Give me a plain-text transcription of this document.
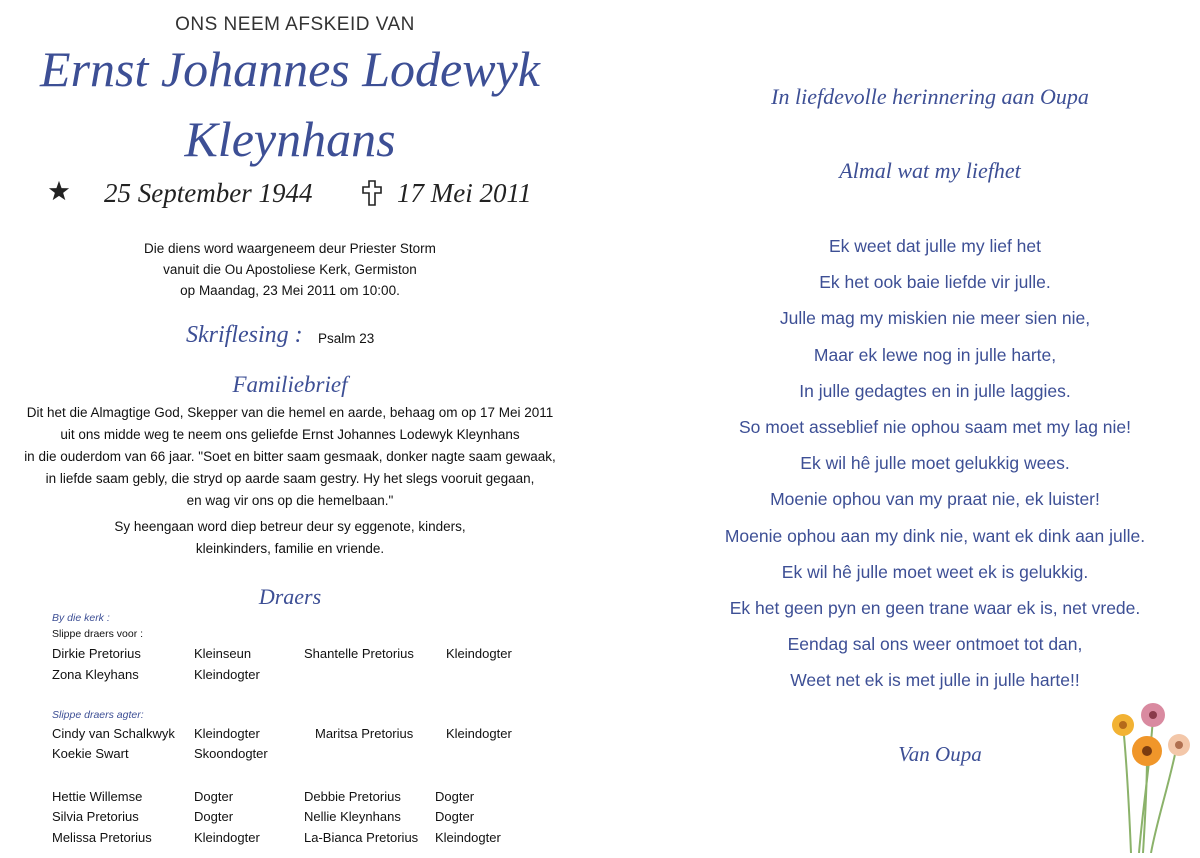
ONS NEEM AFSKEID VAN
Ernst Johannes Lodewyk
Kleynhans
25 September 1944	17 Mei 2011
Die diens word waargeneem deur Priester Storm
vanuit die Ou Apostoliese Kerk, Germiston
op Maandag, 23 Mei 2011 om 10:00.
Skriflesing : Psalm 23
Familiebrief
Dit het die Almagtige God, Skepper van die hemel en aarde, behaag om op 17 Mei 2011
uit ons midde weg te neem ons geliefde Ernst Johannes Lodewyk Kleynhans
in die ouderdom van 66 jaar. "Soet en bitter saam gesmaak, donker nagte saam gewaak,
in liefde saam gebly, die stryd op aarde saam gestry. Hy het slegs vooruit gegaan,
en wag vir ons op die hemelbaan."
Sy heengaan word diep betreur deur sy eggenote, kinders,
kleinkinders, familie en vriende.
Draers
By die kerk :
Slippe draers voor :
Dirkie Pretorius	Kleinseun	Shantelle Pretorius Kleindogter
Zona Kleyhans	Kleindogter
Slippe draers agter:
Cindy van Schalkwyk Kleindogter	Maritsa Pretorius	Kleindogter
Koekie Swart	Skoondogter
Hettie Willemse	Dogter	Debbie Pretorius	Dogter
Silvia Pretorius	Dogter	Nellie Kleynhans	Dogter
Melissa Pretorius	Kleindogter	La-Bianca Pretorius Kleindogter
In liefdevolle herinnering aan Oupa
Almal wat my liefhet
Ek weet dat julle my lief het
Ek het ook baie liefde vir julle.
Julle mag my miskien nie meer sien nie,
Maar ek lewe nog in julle harte,
In julle gedagtes en in julle laggies.
So moet asseblief nie ophou saam met my lag nie!
Ek wil hê julle moet gelukkig wees.
Moenie ophou van my praat nie, ek luister!
Moenie ophou aan my dink nie, want ek dink aan julle.
Ek wil hê julle moet weet ek is gelukkig.
Ek het geen pyn en geen trane waar ek is, net vrede.
Eendag sal ons weer ontmoet tot dan,
Weet net ek is met julle in julle harte!!
Van Oupa
